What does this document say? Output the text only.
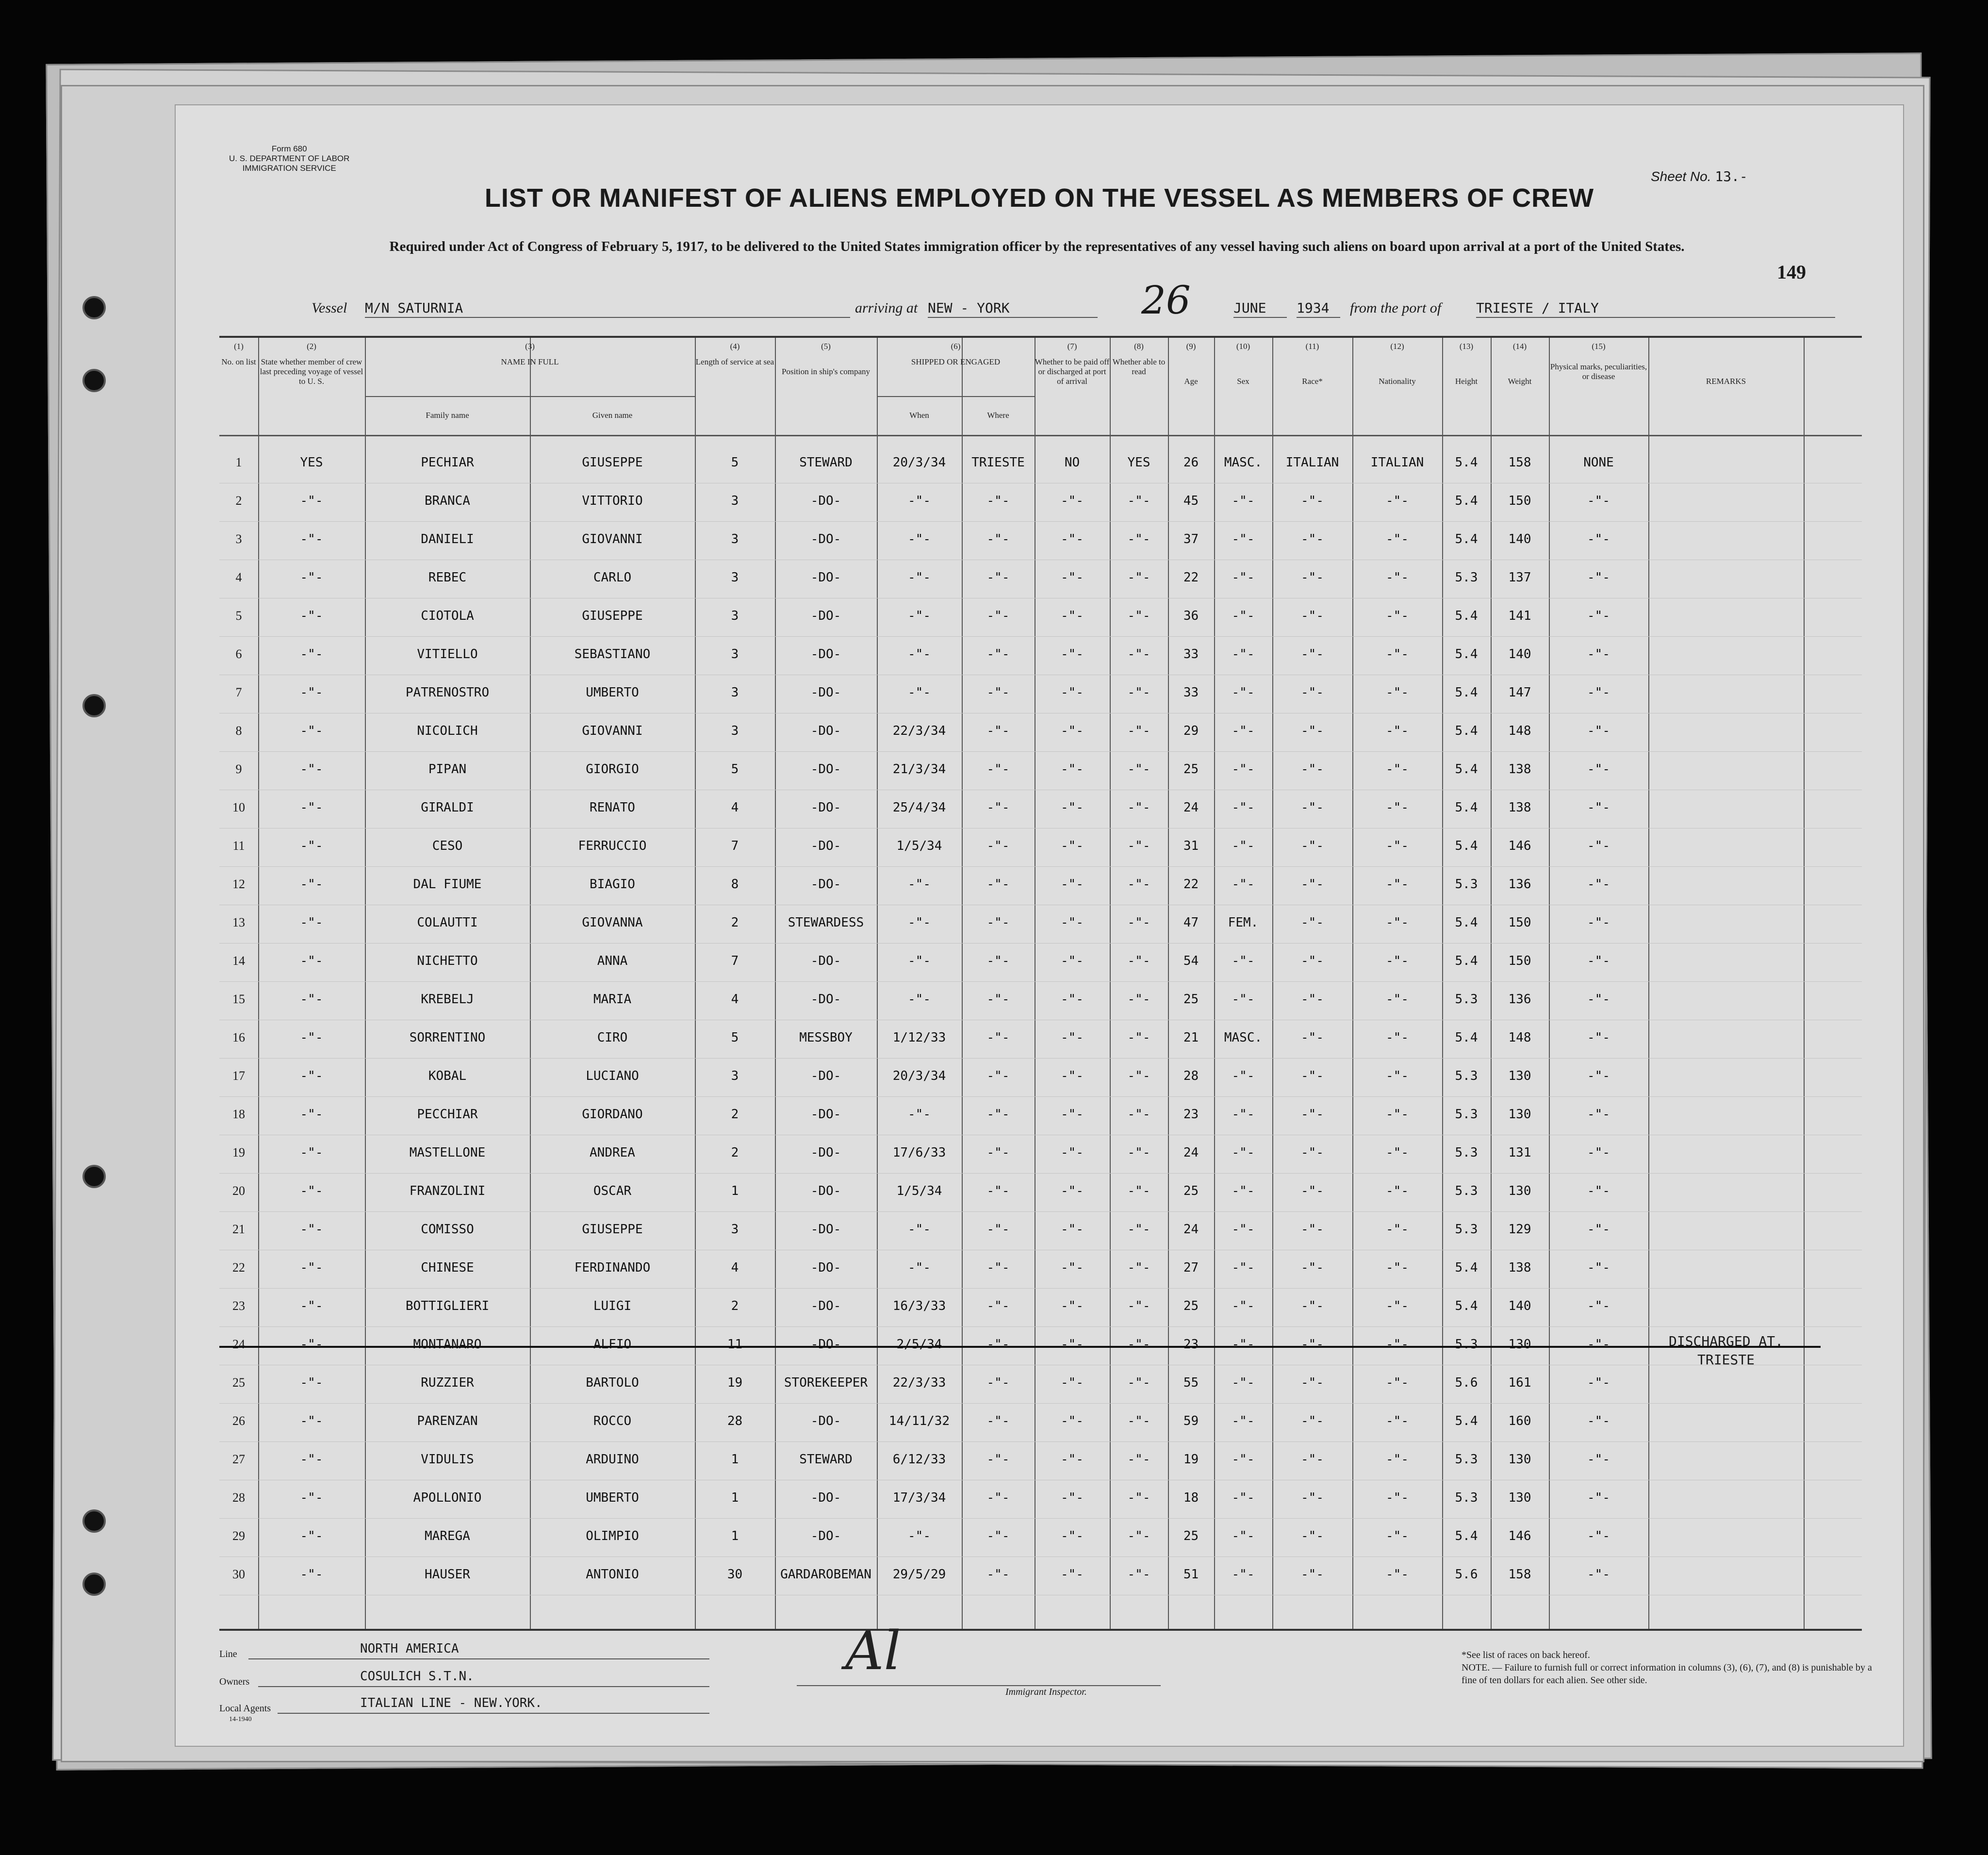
Form 680
U. S. DEPARTMENT OF LABOR
IMMIGRATION SERVICE
Sheet No. 13.-
LIST OR MANIFEST OF ALIENS EMPLOYED ON THE VESSEL AS MEMBERS OF CREW
Required under Act of Congress of February 5, 1917, to be delivered to the United States immigration officer by the representatives of any vessel having such aliens on board upon arrival at a port of the United States.
149
Vessel M/N SATURNIA	arriving at NEW - YORK	26	JUNE	1934	from the port of	TRIESTE / ITALY
(1)
No. on list
(2)
State whether member of crew last preceding voyage of vessel to U. S.
(3)
NAME IN FULL
Family name	Given name
(4)
Length of service at sea
(5)
Position in ship's company
(6)
SHIPPED OR ENGAGED
When	Where
(7)
Whether to be paid off or discharged at port of arrival
(8)
Whether able to read
(9)
Age
(10)
Sex
(11)
Race*
(12)
Nationality
(13)
Height
(14)
Weight
(15)
Physical marks, peculiarities, or disease
REMARKS
1	YES	PECHIAR	GIUSEPPE	5	STEWARD	20/3/34	TRIESTE	NO	YES	26	MASC.	ITALIAN	ITALIAN	5.4	158	NONE
2	-"-	BRANCA	VITTORIO	3	-DO-	-"-	-"-	-"-	-"-	45	-"-	-"-	-"-	5.4	150	-"-
3	-"-	DANIELI	GIOVANNI	3	-DO-	-"-	-"-	-"-	-"-	37	-"-	-"-	-"-	5.4	140	-"-
4	-"-	REBEC	CARLO	3	-DO-	-"-	-"-	-"-	-"-	22	-"-	-"-	-"-	5.3	137	-"-
5	-"-	CIOTOLA	GIUSEPPE	3	-DO-	-"-	-"-	-"-	-"-	36	-"-	-"-	-"-	5.4	141	-"-
6	-"-	VITIELLO	SEBASTIANO	3	-DO-	-"-	-"-	-"-	-"-	33	-"-	-"-	-"-	5.4	140	-"-
7	-"-	PATRENOSTRO	UMBERTO	3	-DO-	-"-	-"-	-"-	-"-	33	-"-	-"-	-"-	5.4	147	-"-
8	-"-	NICOLICH	GIOVANNI	3	-DO-	22/3/34	-"-	-"-	-"-	29	-"-	-"-	-"-	5.4	148	-"-
9	-"-	PIPAN	GIORGIO	5	-DO-	21/3/34	-"-	-"-	-"-	25	-"-	-"-	-"-	5.4	138	-"-
10	-"-	GIRALDI	RENATO	4	-DO-	25/4/34	-"-	-"-	-"-	24	-"-	-"-	-"-	5.4	138	-"-
11	-"-	CESO	FERRUCCIO	7	-DO-	1/5/34	-"-	-"-	-"-	31	-"-	-"-	-"-	5.4	146	-"-
12	-"-	DAL FIUME	BIAGIO	8	-DO-	-"-	-"-	-"-	-"-	22	-"-	-"-	-"-	5.3	136	-"-
13	-"-	COLAUTTI	GIOVANNA	2	STEWARDESS	-"-	-"-	-"-	-"-	47	FEM.	-"-	-"-	5.4	150	-"-
14	-"-	NICHETTO	ANNA	7	-DO-	-"-	-"-	-"-	-"-	54	-"-	-"-	-"-	5.4	150	-"-
15	-"-	KREBELJ	MARIA	4	-DO-	-"-	-"-	-"-	-"-	25	-"-	-"-	-"-	5.3	136	-"-
16	-"-	SORRENTINO	CIRO	5	MESSBOY	1/12/33	-"-	-"-	-"-	21	MASC.	-"-	-"-	5.4	148	-"-
17	-"-	KOBAL	LUCIANO	3	-DO-	20/3/34	-"-	-"-	-"-	28	-"-	-"-	-"-	5.3	130	-"-
18	-"-	PECCHIAR	GIORDANO	2	-DO-	-"-	-"-	-"-	-"-	23	-"-	-"-	-"-	5.3	130	-"-
19	-"-	MASTELLONE	ANDREA	2	-DO-	17/6/33	-"-	-"-	-"-	24	-"-	-"-	-"-	5.3	131	-"-
20	-"-	FRANZOLINI	OSCAR	1	-DO-	1/5/34	-"-	-"-	-"-	25	-"-	-"-	-"-	5.3	130	-"-
21	-"-	COMISSO	GIUSEPPE	3	-DO-	-"-	-"-	-"-	-"-	24	-"-	-"-	-"-	5.3	129	-"-
22	-"-	CHINESE	FERDINANDO	4	-DO-	-"-	-"-	-"-	-"-	27	-"-	-"-	-"-	5.4	138	-"-
23	-"-	BOTTIGLIERI	LUIGI	2	-DO-	16/3/33	-"-	-"-	-"-	25	-"-	-"-	-"-	5.4	140	-"-
24	-"-	MONTANARO	ALFIO	11	-DO-	2/5/34	-"-	-"-	-"-	23	-"-	-"-	-"-	5.3	130	-"-	DISCHARGED AT. TRIESTE
25	-"-	RUZZIER	BARTOLO	19	STOREKEEPER	22/3/33	-"-	-"-	-"-	55	-"-	-"-	-"-	5.6	161	-"-
26	-"-	PARENZAN	ROCCO	28	-DO-	14/11/32	-"-	-"-	-"-	59	-"-	-"-	-"-	5.4	160	-"-
27	-"-	VIDULIS	ARDUINO	1	STEWARD	6/12/33	-"-	-"-	-"-	19	-"-	-"-	-"-	5.3	130	-"-
28	-"-	APOLLONIO	UMBERTO	1	-DO-	17/3/34	-"-	-"-	-"-	18	-"-	-"-	-"-	5.3	130	-"-
29	-"-	MAREGA	OLIMPIO	1	-DO-	-"-	-"-	-"-	-"-	25	-"-	-"-	-"-	5.4	146	-"-
30	-"-	HAUSER	ANTONIO	30	GARDAROBEMAN	29/5/29	-"-	-"-	-"-	51	-"-	-"-	-"-	5.6	158	-"-
Line	NORTH AMERICA
Owners	COSULICH S.T.N.
Local Agents	ITALIAN LINE - NEW.YORK.
14-1940
Al
Immigrant Inspector.
*See list of races on back hereof.
NOTE. — Failure to furnish full or correct information in columns (3), (6), (7), and (8) is punishable by a fine of ten dollars for each alien. See other side.
